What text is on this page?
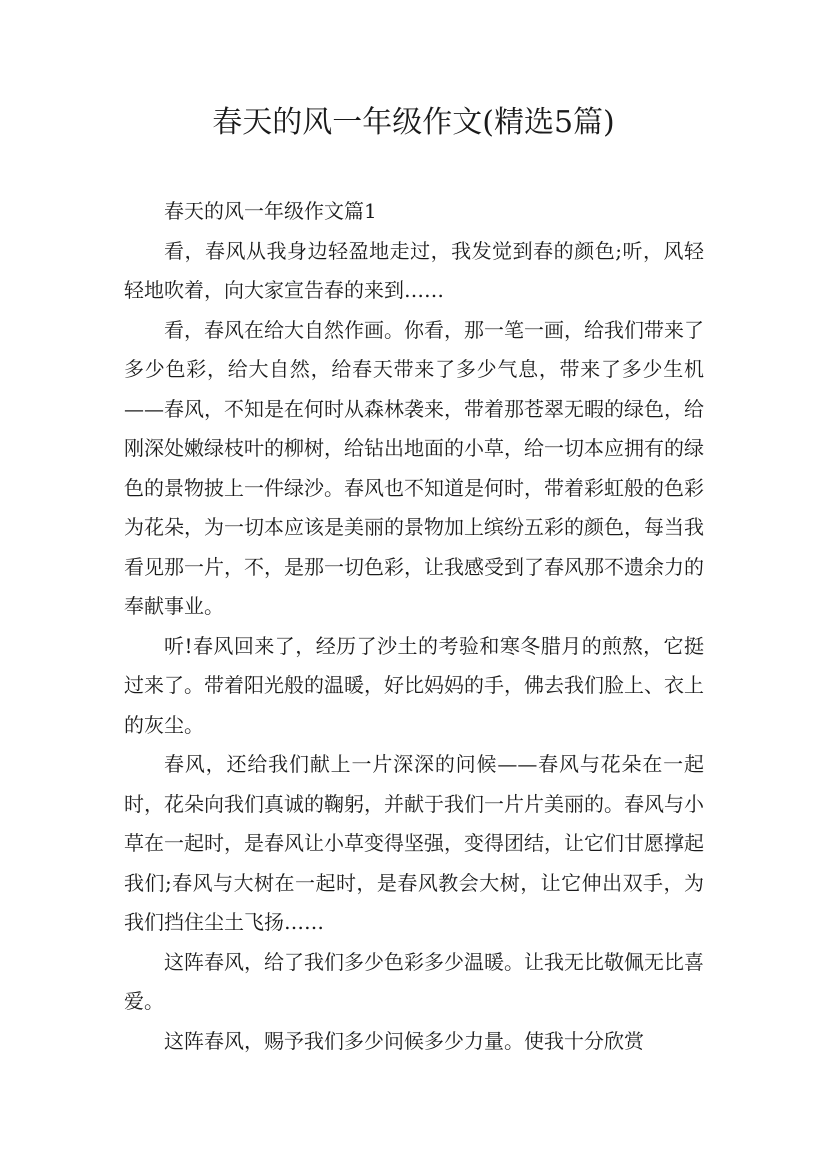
春天的风一年级作文(精选5篇)

春天的风一年级作文篇1

看，春风从我身边轻盈地走过，我发觉到春的颜色;听，风轻轻地吹着，向大家宣告春的来到……

看，春风在给大自然作画。你看，那一笔一画，给我们带来了多少色彩，给大自然，给春天带来了多少气息，带来了多少生机——春风，不知是在何时从森林袭来，带着那苍翠无暇的绿色，给刚深处嫩绿枝叶的柳树，给钻出地面的小草，给一切本应拥有的绿色的景物披上一件绿沙。春风也不知道是何时，带着彩虹般的色彩为花朵，为一切本应该是美丽的景物加上缤纷五彩的颜色，每当我看见那一片，不，是那一切色彩，让我感受到了春风那不遗余力的奉献事业。

听!春风回来了，经历了沙土的考验和寒冬腊月的煎熬，它挺过来了。带着阳光般的温暖，好比妈妈的手，佛去我们脸上、衣上的灰尘。

春风，还给我们献上一片深深的问候——春风与花朵在一起时，花朵向我们真诚的鞠躬，并献于我们一片片美丽的。春风与小草在一起时，是春风让小草变得坚强，变得团结，让它们甘愿撑起我们;春风与大树在一起时，是春风教会大树，让它伸出双手，为我们挡住尘土飞扬……

这阵春风，给了我们多少色彩多少温暖。让我无比敬佩无比喜爱。

这阵春风，赐予我们多少问候多少力量。使我十分欣赏
